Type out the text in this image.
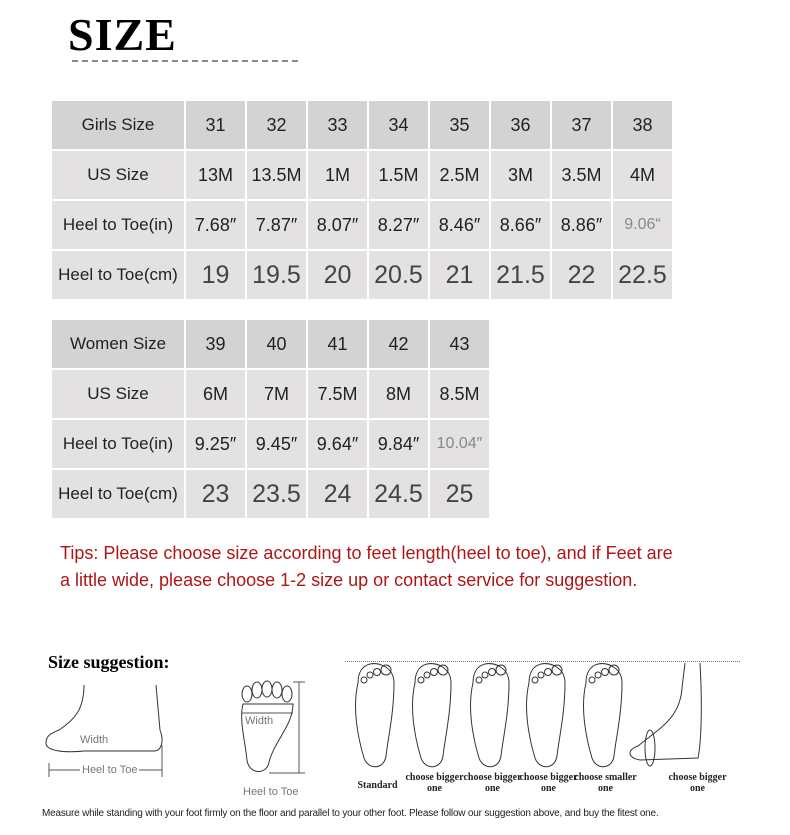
SIZE
Girls Size	31	32	33	34	35	36	37	38
US Size	13M	13.5M	1M	1.5M	2.5M	3M	3.5M	4M
Heel to Toe(in)	7.68″	7.87″	8.07″	8.27″	8.46″	8.66″	8.86″	9.06“
Heel to Toe(cm)	19	19.5	20	20.5	21	21.5	22	22.5
Women Size	39	40	41	42	43
US Size	6M	7M	7.5M	8M	8.5M
Heel to Toe(in)	9.25″	9.45″	9.64″	9.84″	10.04″
Heel to Toe(cm)	23	23.5	24	24.5	25
Tips: Please choose size according to feet length(heel to toe), and if Feet are a little wide, please choose 1-2 size up or contact service for suggestion.
Size suggestion:
Width
Heel to Toe
Width
Heel to Toe
Standard
choose bigger one
choose bigger one
choose bigger one
choose smaller one
choose bigger one
Measure while standing with your foot firmly on the floor and parallel to your other foot. Please follow our suggestion above, and buy the fitest one.
